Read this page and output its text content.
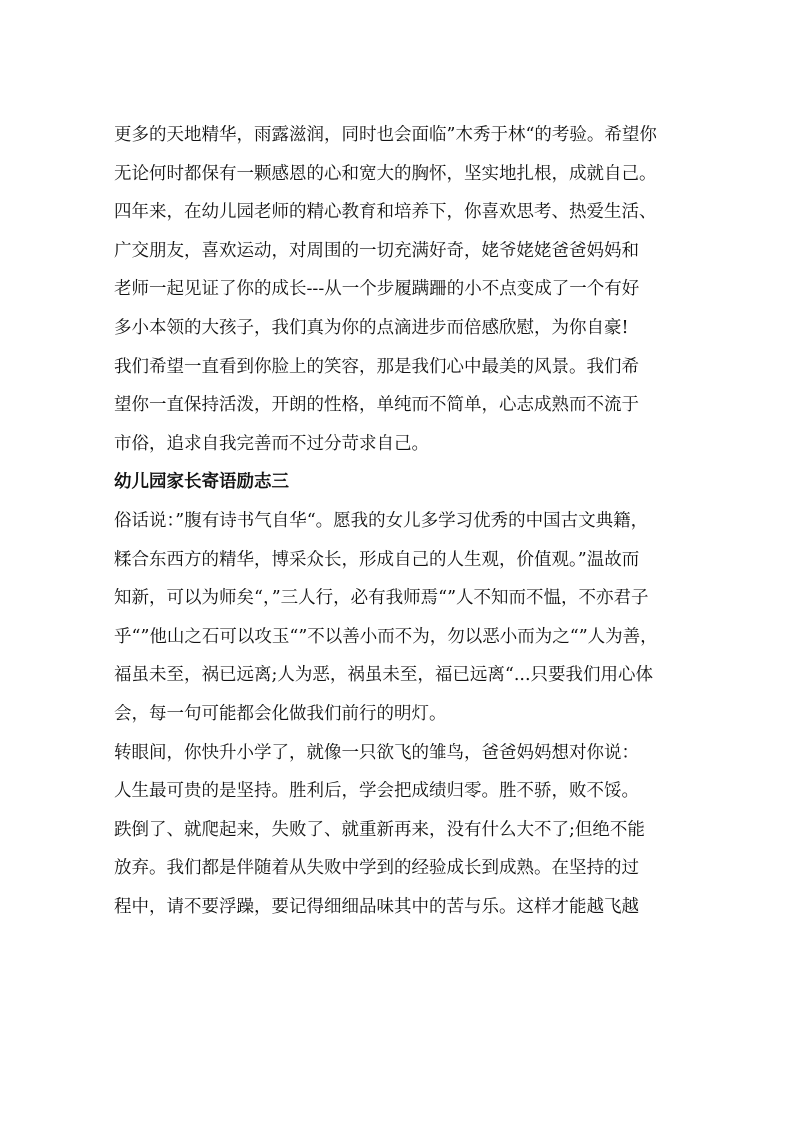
更多的天地精华，雨露滋润，同时也会面临”木秀于林“的考验。希望你
无论何时都保有一颗感恩的心和宽大的胸怀，坚实地扎根，成就自己。
四年来，在幼儿园老师的精心教育和培养下，你喜欢思考、热爱生活、
广交朋友，喜欢运动，对周围的一切充满好奇，姥爷姥姥爸爸妈妈和
老师一起见证了你的成长---从一个步履蹒跚的小不点变成了一个有好
多小本领的大孩子，我们真为你的点滴进步而倍感欣慰，为你自豪!
我们希望一直看到你脸上的笑容，那是我们心中最美的风景。我们希
望你一直保持活泼，开朗的性格，单纯而不简单，心志成熟而不流于
市俗，追求自我完善而不过分苛求自己。
幼儿园家长寄语励志三
俗话说：”腹有诗书气自华“。愿我的女儿多学习优秀的中国古文典籍，
糅合东西方的精华，博采众长，形成自己的人生观，价值观。”温故而
知新，可以为师矣“，”三人行，必有我师焉“”人不知而不愠，不亦君子
乎“”他山之石可以攻玉“”不以善小而不为，勿以恶小而为之“”人为善，
福虽未至，祸已远离;人为恶，祸虽未至，福已远离“...只要我们用心体
会，每一句可能都会化做我们前行的明灯。
转眼间，你快升小学了，就像一只欲飞的雏鸟，爸爸妈妈想对你说：
人生最可贵的是坚持。胜利后，学会把成绩归零。胜不骄，败不馁。
跌倒了、就爬起来，失败了、就重新再来，没有什么大不了;但绝不能
放弃。我们都是伴随着从失败中学到的经验成长到成熟。在坚持的过
程中，请不要浮躁，要记得细细品味其中的苦与乐。这样才能越飞越
